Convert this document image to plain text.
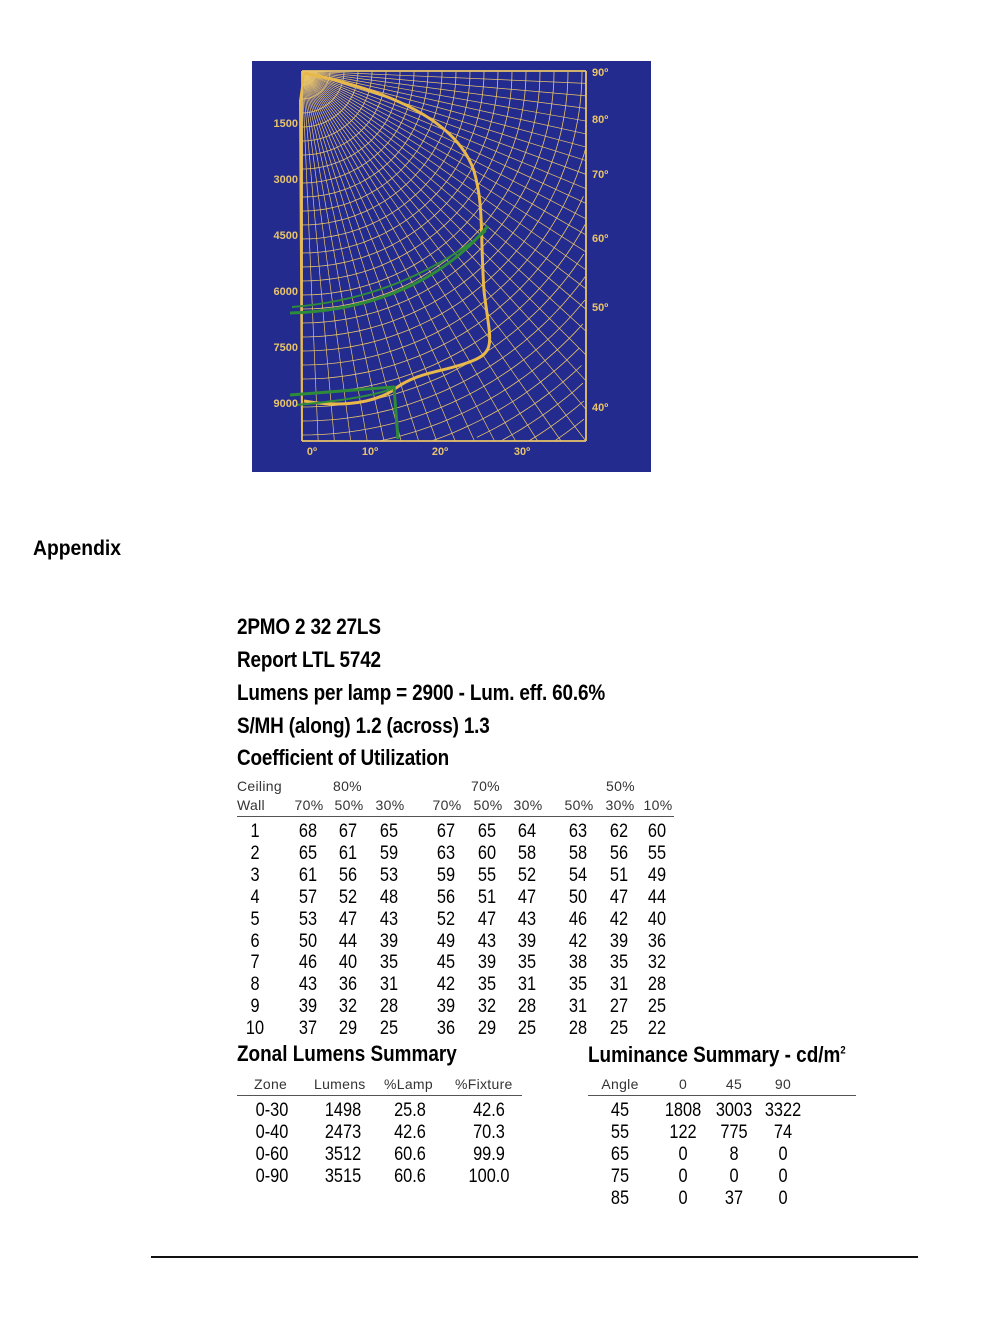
1500
3000
4500
6000
7500
9000
90º
80º
70º
60º
50º
40º
0º	10º	20º	30º
Appendix
2PMO 2 32 27LS
Report LTL 5742
Lumens per lamp = 2900 - Lum. eff. 60.6%
S/MH (along) 1.2 (across) 1.3
Coefficient of Utilization
Ceiling
Wall
80%	70%	50%
70% 50% 30% 70% 50% 30% 50% 30% 10%
1	68 67 65 67 65 64 63 62 60
2	65 61 59 63 60 58 58 56 55
3	61 56 53 59 55 52 54 51 49
4	57 52 48 56 51 47 50 47 44
5	53 47 43 52 47 43 46 42 40
6	50 44 39 49 43 39 42 39 36
7	46 40 35 45 39 35 38 35 32
8	43 36 31 42 35 31 35 31 28
9	39 32 28 39 32 28 31 27 25
10 37 29 25 36 29 25 28 25 22
Zonal Lumens Summary	Luminance Summary - $cd/m^2$
Zone Lumens %Lamp %Fixture
0-30 1498 25.8 42.6
0-40 2473 42.6 70.3
0-60 3512 60.6 99.9
0-90 3515 60.6 100.0
Angle	0	45	90
45	1808 3003 3322
55	122	775	74
65	0	8	0
75	0	0	0
85	0	37	0
